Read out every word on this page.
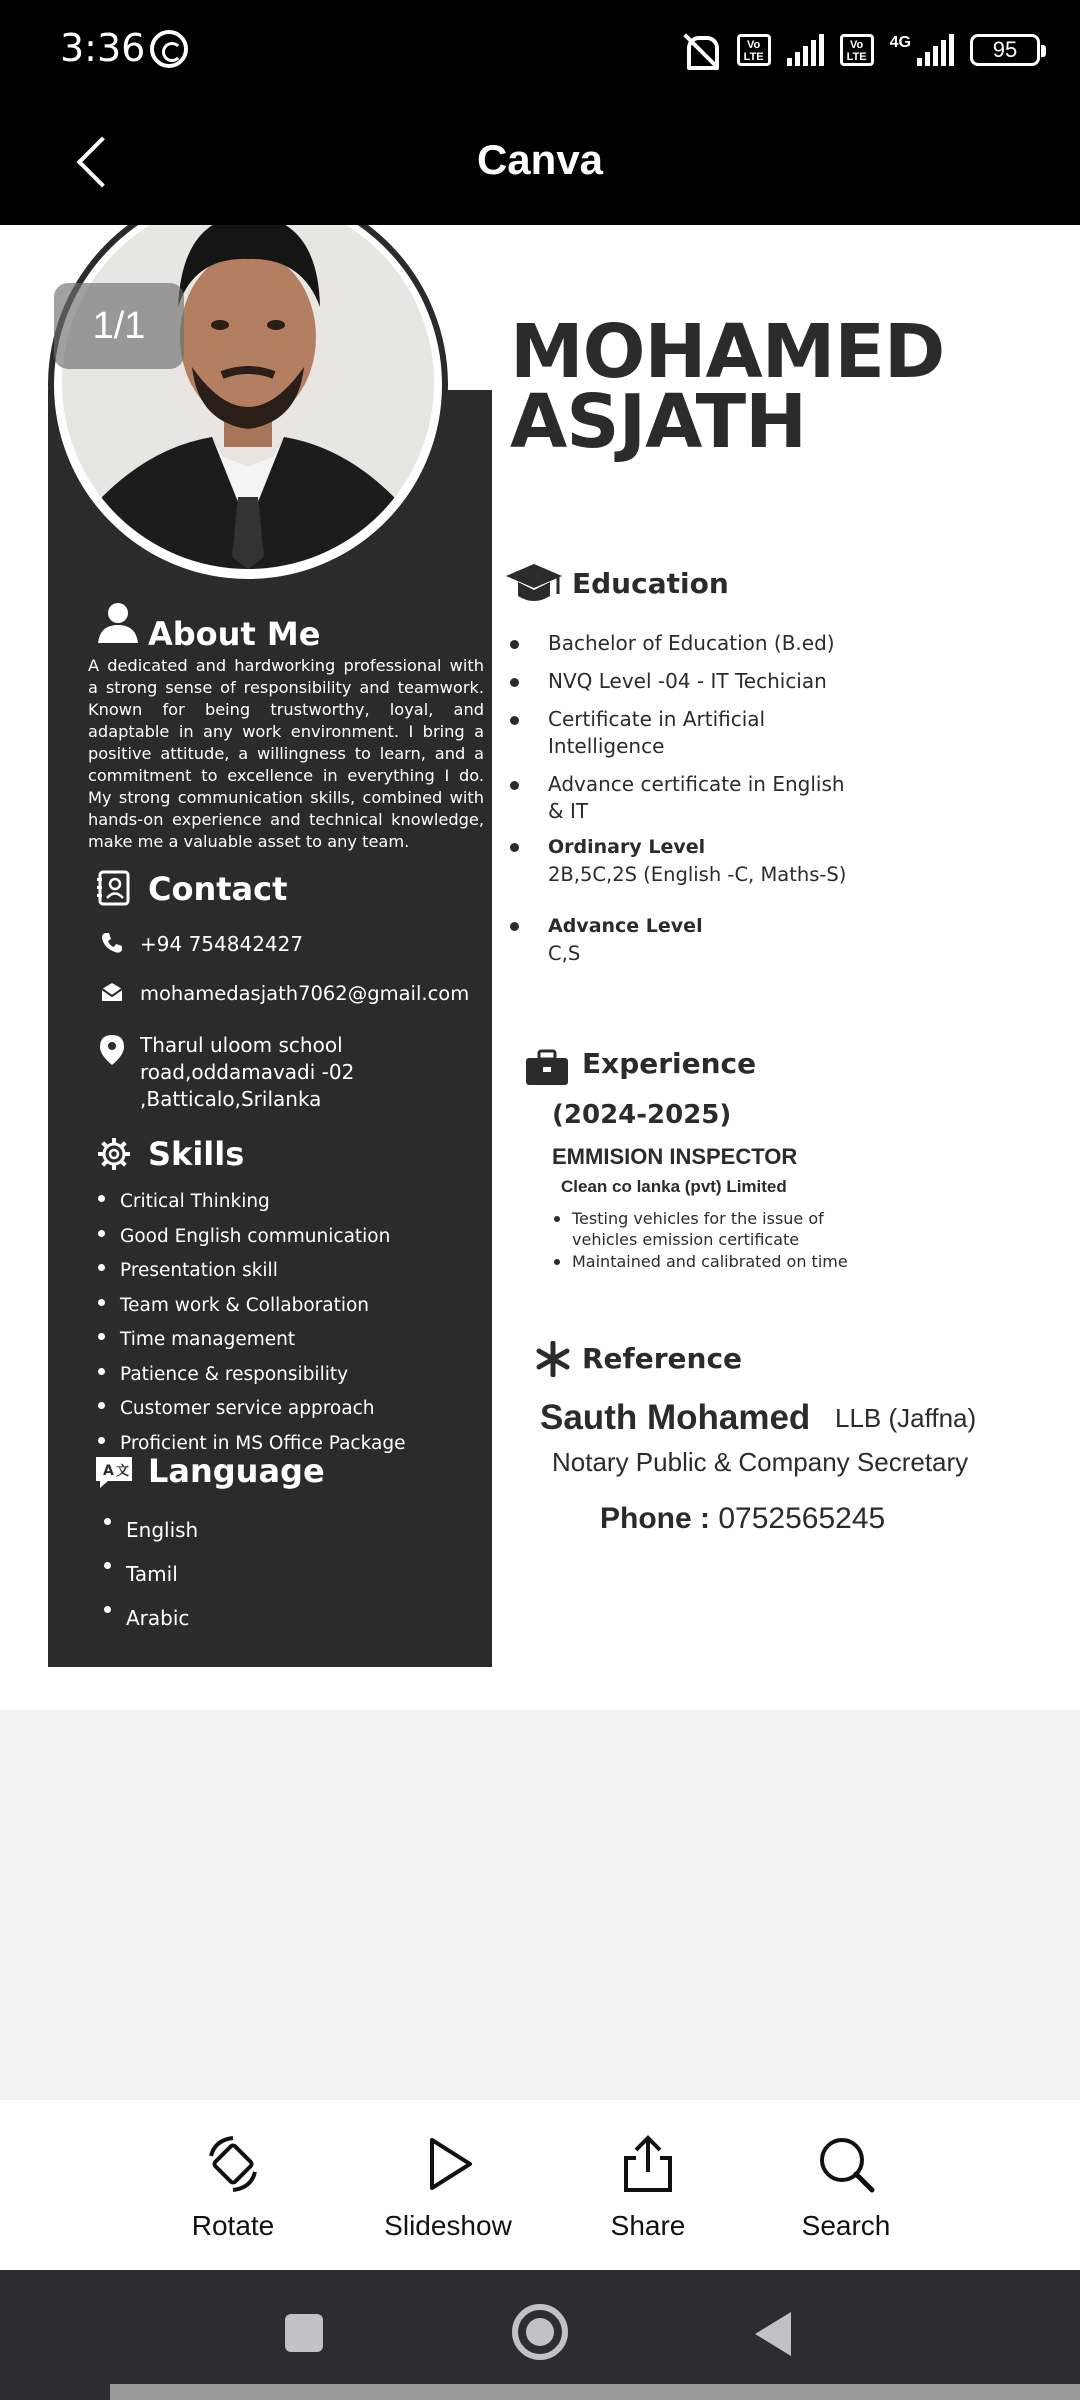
3:36	Vo
LTE
Vo
LTE
4G	95
Canva
1/1	MOHAMED
ASJATH
About Me
A dedicated and hardworking professional with a strong sense of responsibility and teamwork. Known for being trustworthy, loyal, and adaptable in any work environment. I bring a positive attitude, a willingness to learn, and a commitment to excellence in everything I do. My strong communication skills, combined with hands-on experience and technical knowledge, make me a valuable asset to any team.
Contact
+94 754842427
mohamedasjath7062@gmail.com
Tharul uloom school road,oddamavadi -02 ,Batticalo,Srilanka
Skills
Critical Thinking
Good English communication
Presentation skill
Team work & Collaboration
Time management
Patience & responsibility
Customer service approach
Proficient in MS Office Package
A 文 Language
English
Tamil
Arabic
Education
Bachelor of Education (B.ed)
NVQ Level -04 - IT Techician
Certificate in Artificial Intelligence
Advance certificate in English & IT
Ordinary Level
2B,5C,2S (English -C, Maths-S)
Advance Level
C,S
Experience
(2024-2025)
EMMISION INSPECTOR
Clean co lanka (pvt) Limited
Testing vehicles for the issue of vehicles emission certificate
Maintained and calibrated on time
Reference
Sauth Mohamed LLB (Jaffna)
Notary Public & Company Secretary
Phone : 0752565245
Rotate	Slideshow	Share	Search
